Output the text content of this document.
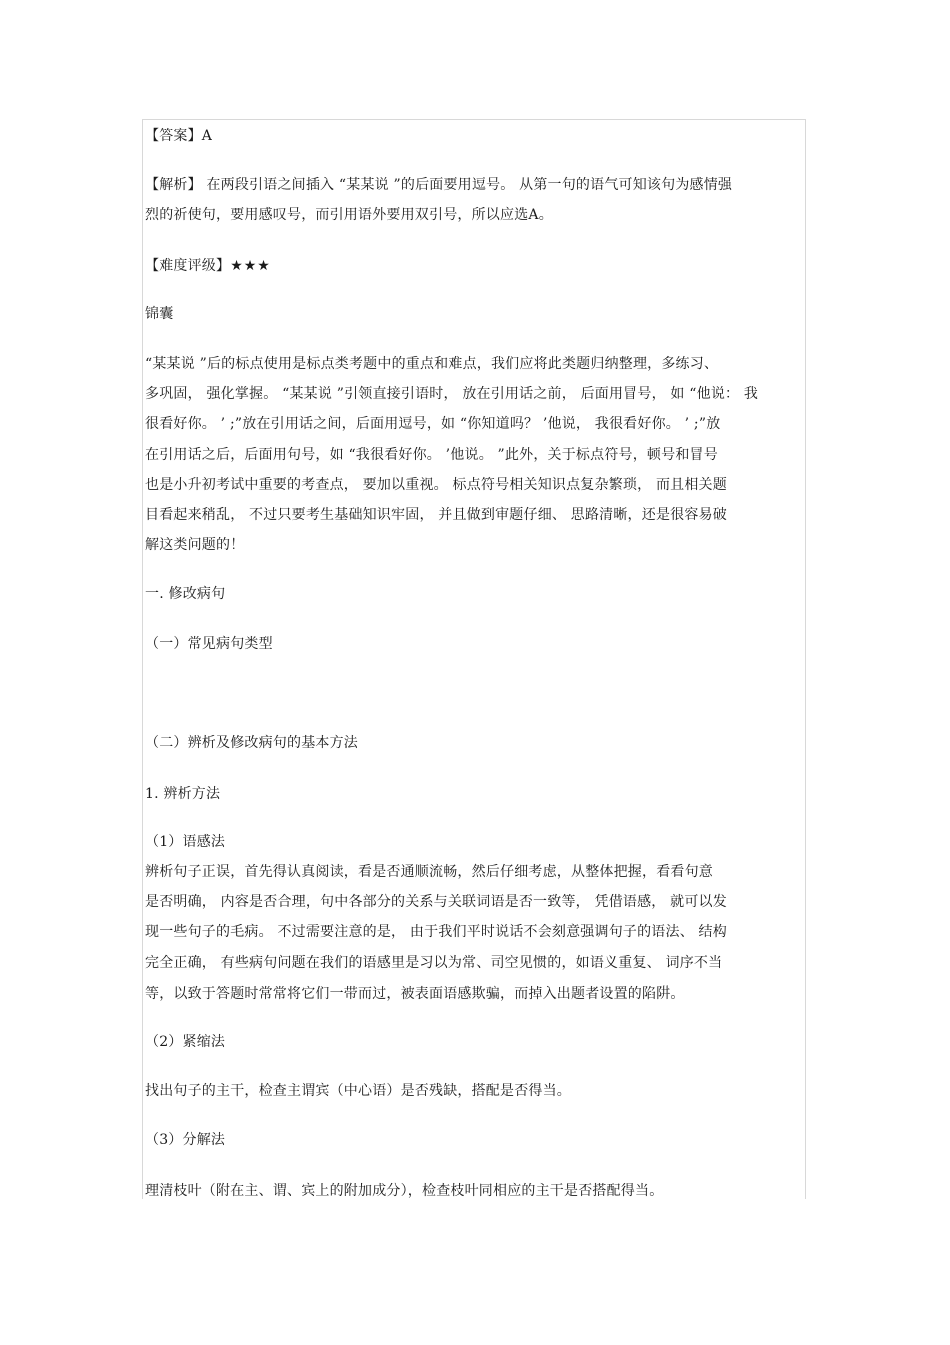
【答案】A
【解析】 在两段引语之间插入 “某某说 ”的后面要用逗号。 从第一句的语气可知该句为感情强
烈的祈使句，要用感叹号，而引用语外要用双引号，所以应选A。
【难度评级】★★★
锦囊
“某某说 ”后的标点使用是标点类考题中的重点和难点，我们应将此类题归纳整理，多练习、
多巩固， 强化掌握。 “某某说 ”引领直接引语时， 放在引用话之前， 后面用冒号， 如 “他说： 我
很看好你。 ’ ;”放在引用话之间，后面用逗号，如 “你知道吗？ ’他说， 我很看好你。 ’ ;”放
在引用话之后，后面用句号，如 “我很看好你。 ’他说。 ”此外，关于标点符号，顿号和冒号
也是小升初考试中重要的考查点， 要加以重视。 标点符号相关知识点复杂繁琐， 而且相关题
目看起来稍乱， 不过只要考生基础知识牢固， 并且做到审题仔细、 思路清晰，还是很容易破
解这类问题的！
一. 修改病句
（一）常见病句类型
（二）辨析及修改病句的基本方法
1. 辨析方法
（1）语感法
辨析句子正误，首先得认真阅读，看是否通顺流畅，然后仔细考虑，从整体把握，看看句意
是否明确， 内容是否合理，句中各部分的关系与关联词语是否一致等， 凭借语感， 就可以发
现一些句子的毛病。 不过需要注意的是， 由于我们平时说话不会刻意强调句子的语法、 结构
完全正确， 有些病句问题在我们的语感里是习以为常、司空见惯的，如语义重复、 词序不当
等，以致于答题时常常将它们一带而过，被表面语感欺骗，而掉入出题者设置的陷阱。
（2）紧缩法
找出句子的主干，检查主谓宾（中心语）是否残缺，搭配是否得当。
（3）分解法
理清枝叶（附在主、谓、宾上的附加成分），检查枝叶同相应的主干是否搭配得当。
